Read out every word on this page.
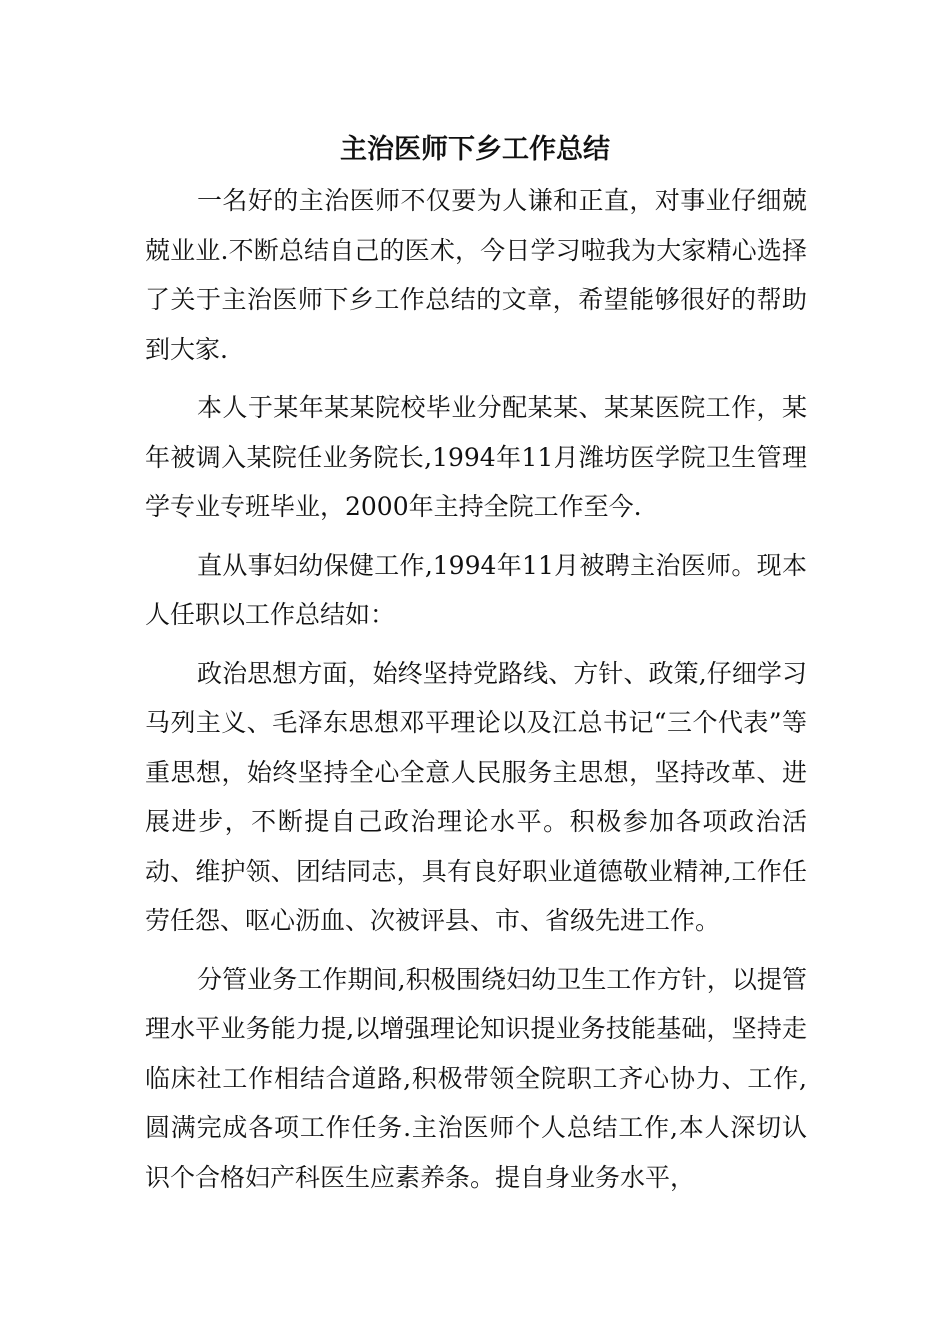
主治医师下乡工作总结

一名好的主治医师不仅要为人谦和正直，对事业仔细兢兢业业.不断总结自己的医术，今日学习啦我为大家精心选择了关于主治医师下乡工作总结的文章，希望能够很好的帮助到大家.

本人于某年某某院校毕业分配某某、某某医院工作，某年被调入某院任业务院长,1994年11月潍坊医学院卫生管理学专业专班毕业，2000年主持全院工作至今.

直从事妇幼保健工作,1994年11月被聘主治医师。现本人任职以工作总结如：

政治思想方面，始终坚持党路线、方针、政策,仔细学习马列主义、毛泽东思想邓平理论以及江总书记“三个代表”等重思想，始终坚持全心全意人民服务主思想，坚持改革、进展进步，不断提自己政治理论水平。积极参加各项政治活动、维护领、团结同志，具有良好职业道德敬业精神,工作任劳任怨、呕心沥血、次被评县、市、省级先进工作。

分管业务工作期间,积极围绕妇幼卫生工作方针，以提管理水平业务能力提,以增强理论知识提业务技能基础，坚持走临床社工作相结合道路,积极带领全院职工齐心协力、工作,圆满完成各项工作任务.主治医师个人总结工作,本人深切认识个合格妇产科医生应素养条。提自身业务水平，
